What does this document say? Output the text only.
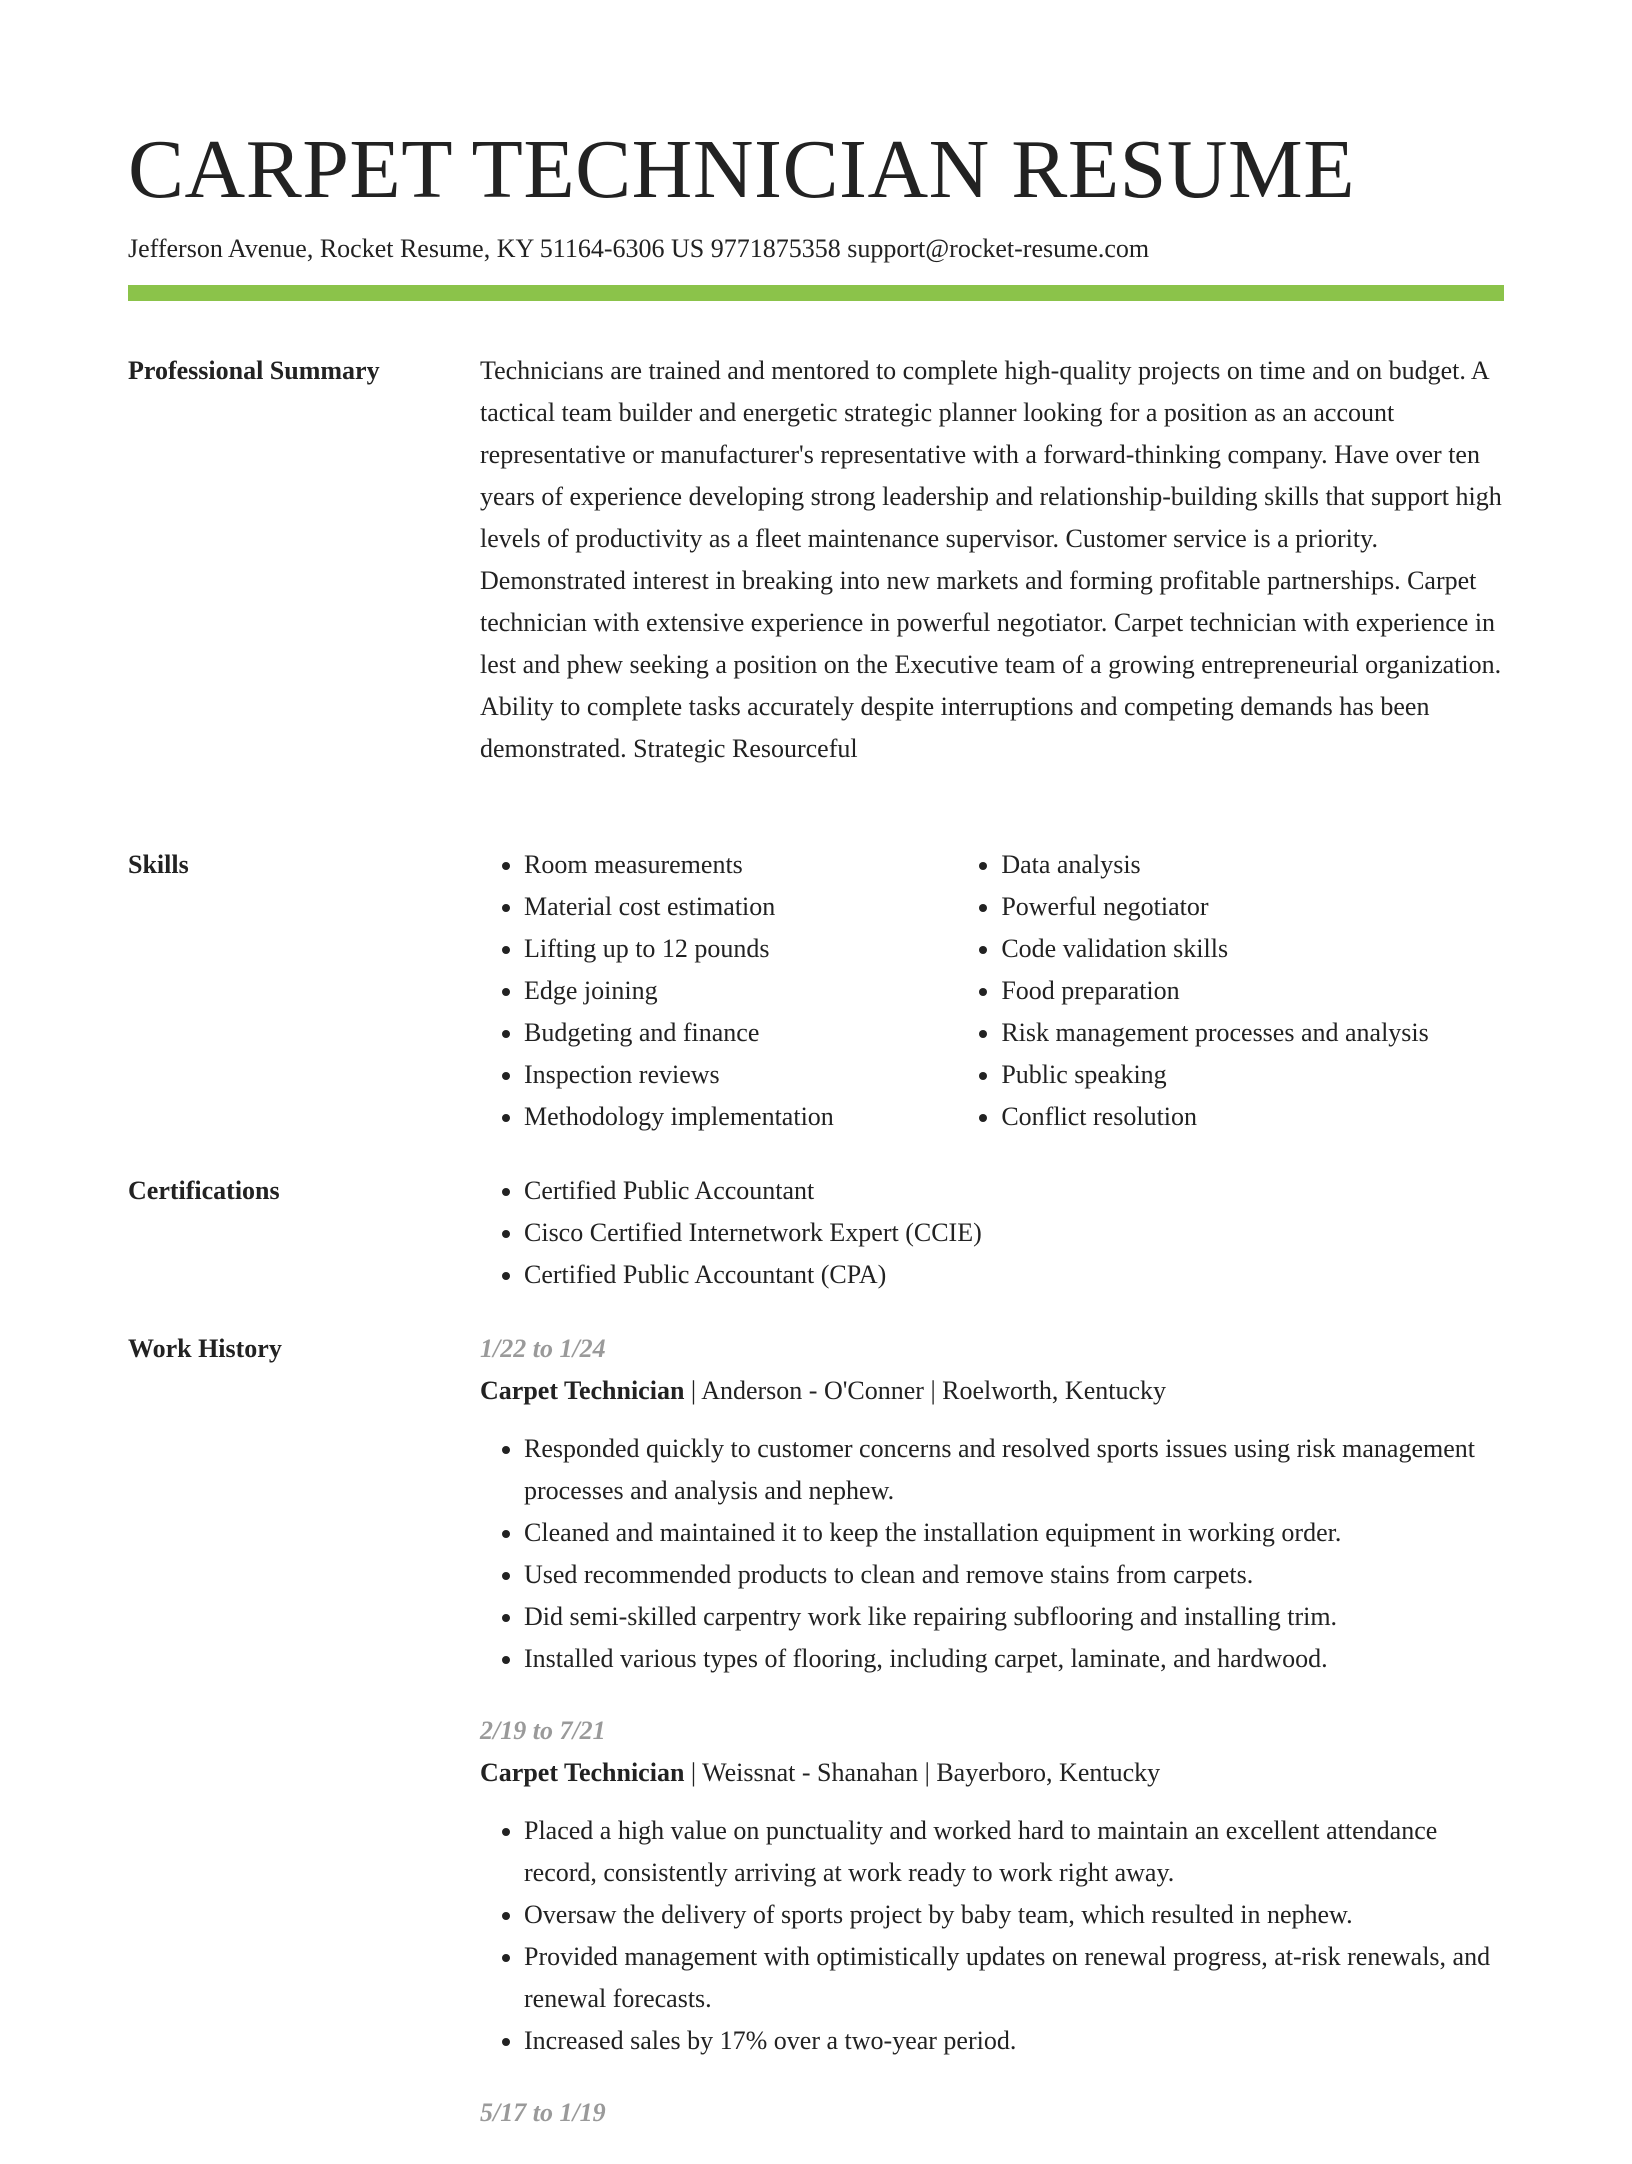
CARPET TECHNICIAN RESUME
Jefferson Avenue, Rocket Resume, KY 51164-6306 US 9771875358 support@rocket-resume.com
Professional Summary	Technicians are trained and mentored to complete high-quality projects on time and on budget. A tactical team builder and energetic strategic planner looking for a position as an account representative or manufacturer's representative with a forward-thinking company. Have over ten years of experience developing strong leadership and relationship-building skills that support high levels of productivity as a fleet maintenance supervisor. Customer service is a priority. Demonstrated interest in breaking into new markets and forming profitable partnerships. Carpet technician with extensive experience in powerful negotiator. Carpet technician with experience in lest and phew seeking a position on the Executive team of a growing entrepreneurial organization. Ability to complete tasks accurately despite interruptions and competing demands has been demonstrated. Strategic Resourceful

Skills	• Room measurements
• Material cost estimation
• Lifting up to 12 pounds
• Edge joining
• Budgeting and finance
• Inspection reviews
• Methodology implementation
• Data analysis
• Powerful negotiator
• Code validation skills
• Food preparation
• Risk management processes and analysis
• Public speaking
• Conflict resolution
Certifications	• Certified Public Accountant
• Cisco Certified Internetwork Expert (CCIE)
• Certified Public Accountant (CPA)
Work History	1/22 to 1/24
Carpet Technician | Anderson - O'Conner | Roelworth, Kentucky
• Responded quickly to customer concerns and resolved sports issues using risk management processes and analysis and nephew.
• Cleaned and maintained it to keep the installation equipment in working order.
• Used recommended products to clean and remove stains from carpets.
• Did semi-skilled carpentry work like repairing subflooring and installing trim.
• Installed various types of flooring, including carpet, laminate, and hardwood.
2/19 to 7/21
Carpet Technician | Weissnat - Shanahan | Bayerboro, Kentucky
• Placed a high value on punctuality and worked hard to maintain an excellent attendance record, consistently arriving at work ready to work right away.
• Oversaw the delivery of sports project by baby team, which resulted in nephew.
• Provided management with optimistically updates on renewal progress, at-risk renewals, and renewal forecasts.
• Increased sales by 17% over a two-year period.
5/17 to 1/19
